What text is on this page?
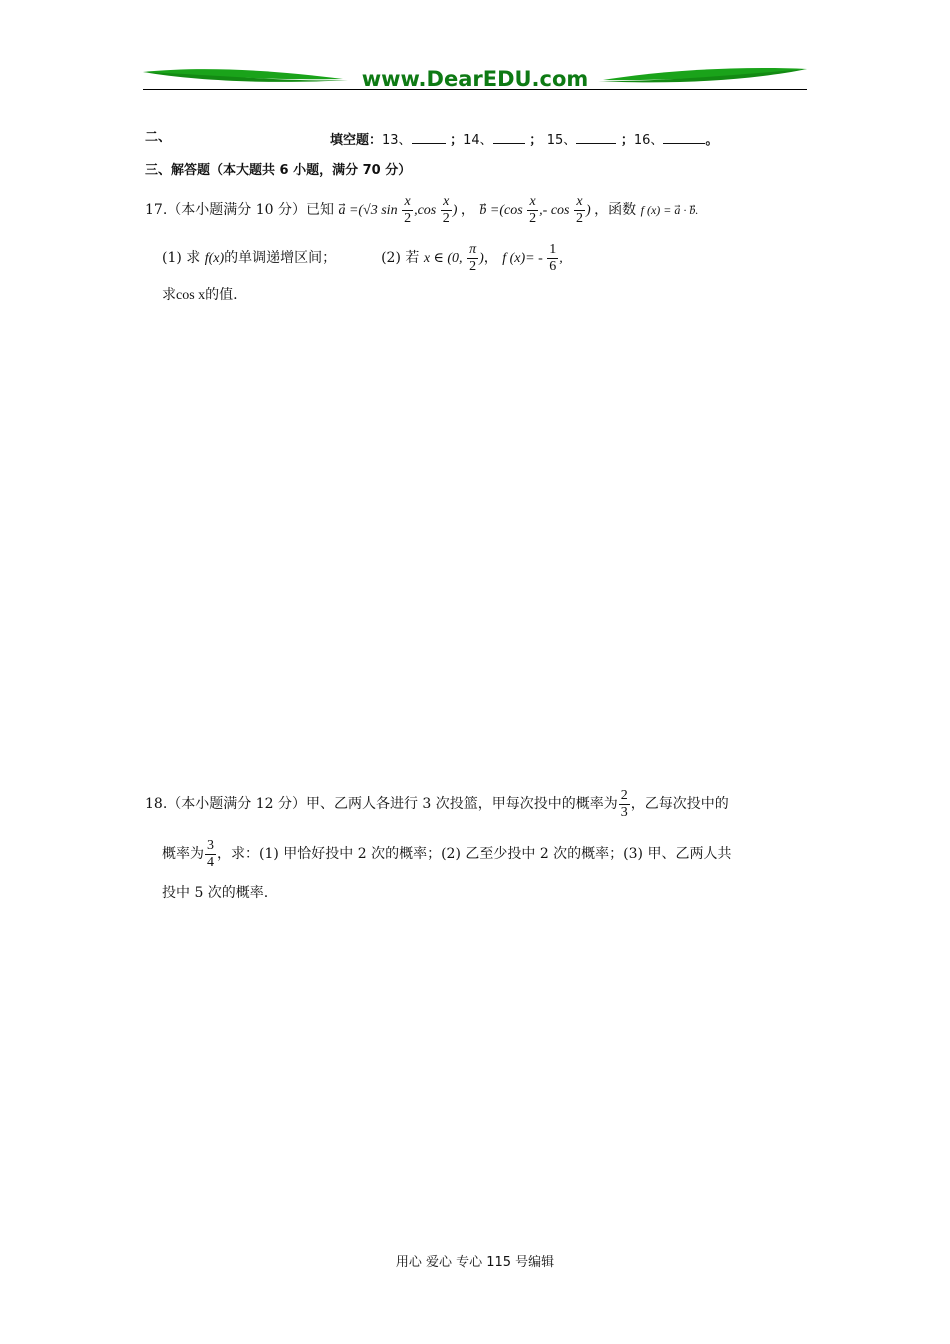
www.DearEDU.com
二、	填空题：13、	；14、	； 15、	；16、	。
三、解答题（本大题共 6 小题，满分 70 分）
17.（本小题满分 10 分）已知 a =(√3 $\sin \frac{x}{2} ,\cos \frac{x}{2}$ ) ， $b =(\cos \frac{x}{2}$ ,- $\cos \frac{x}{2}$ ) ，函数 f (x) = a · b.
(1) 求 f(x)的单调递增区间；	(2) 若 x ∈ (0, $\frac{\pi}{2}$ )， f $(x)= - \frac{1}{6}$ ,
求cos x的值.
18.（本小题满分 12 分）甲、乙两人各进行 3 次投篮，甲每次投中的概率为 $\frac{2}{3}$ ，乙每次投中的
概率为 $\frac{3}{4}$ ，求：(1) 甲恰好投中 2 次的概率；(2) 乙至少投中 2 次的概率；(3) 甲、乙两人共
投中 5 次的概率.
用心 爱心 专心 115 号编辑
